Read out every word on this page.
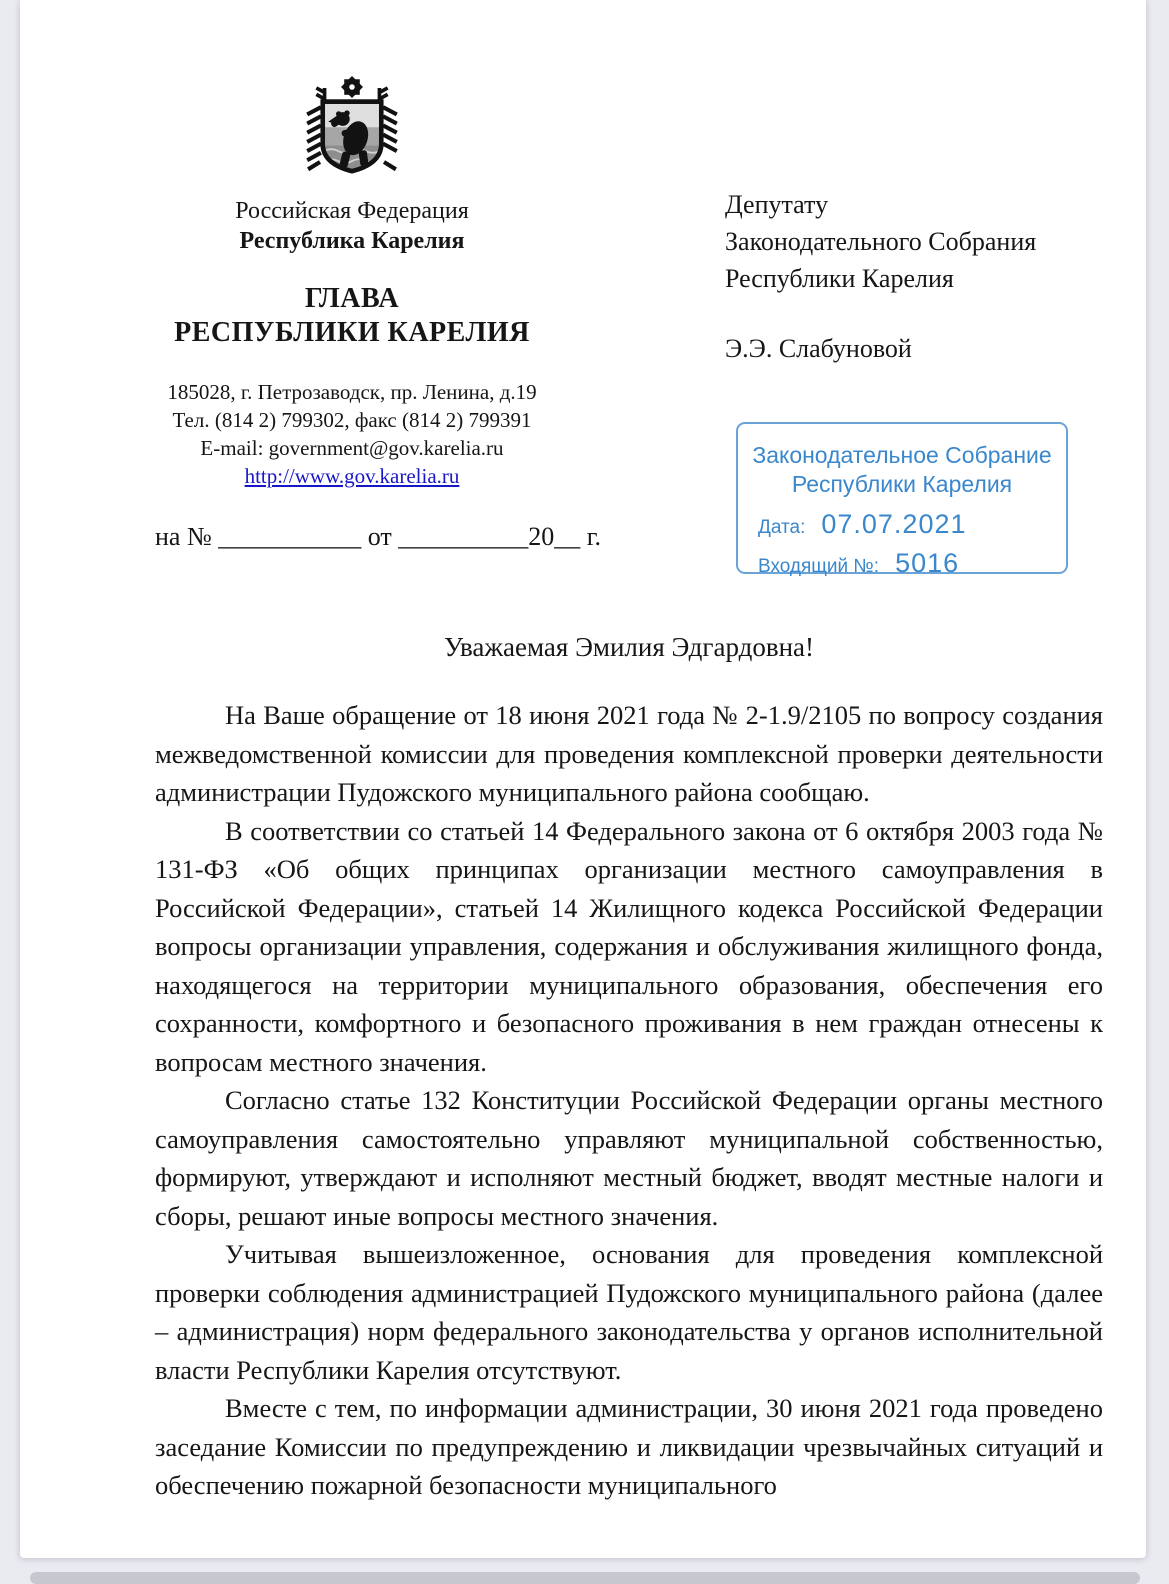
Российская Федерация
Республика Карелия
ГЛАВА
РЕСПУБЛИКИ КАРЕЛИЯ
185028, г. Петрозаводск, пр. Ленина, д.19
Тел. (814 2) 799302, факс (814 2) 799391
E-mail: government@gov.karelia.ru
http://www.gov.karelia.ru
Депутату
Законодательного Собрания
Республики Карелия
Э.Э. Слабуновой
Законодательное Собрание
Республики Карелия
Дата: 07.07.2021
Входящий №: 5016
на № ___________ от __________20__ г.
Уважаемая Эмилия Эдгардовна!

На Ваше обращение от 18 июня 2021 года № 2-1.9/2105 по вопросу создания межведомственной комиссии для проведения комплексной проверки деятельности администрации Пудожского муниципального района сообщаю.

В соответствии со статьей 14 Федерального закона от 6 октября 2003 года № 131-ФЗ «Об общих принципах организации местного самоуправления в Российской Федерации», статьей 14 Жилищного кодекса Российской Федерации вопросы организации управления, содержания и обслуживания жилищного фонда, находящегося на территории муниципального образования, обеспечения его сохранности, комфортного и безопасного проживания в нем граждан отнесены к вопросам местного значения.

Согласно статье 132 Конституции Российской Федерации органы местного самоуправления самостоятельно управляют муниципальной собственностью, формируют, утверждают и исполняют местный бюджет, вводят местные налоги и сборы, решают иные вопросы местного значения.

Учитывая вышеизложенное, основания для проведения комплексной проверки соблюдения администрацией Пудожского муниципального района (далее – администрация) норм федерального законодательства у органов исполнительной власти Республики Карелия отсутствуют.

Вместе с тем, по информации администрации, 30 июня 2021 года проведено заседание Комиссии по предупреждению и ликвидации чрезвычайных ситуаций и обеспечению пожарной безопасности муниципального
